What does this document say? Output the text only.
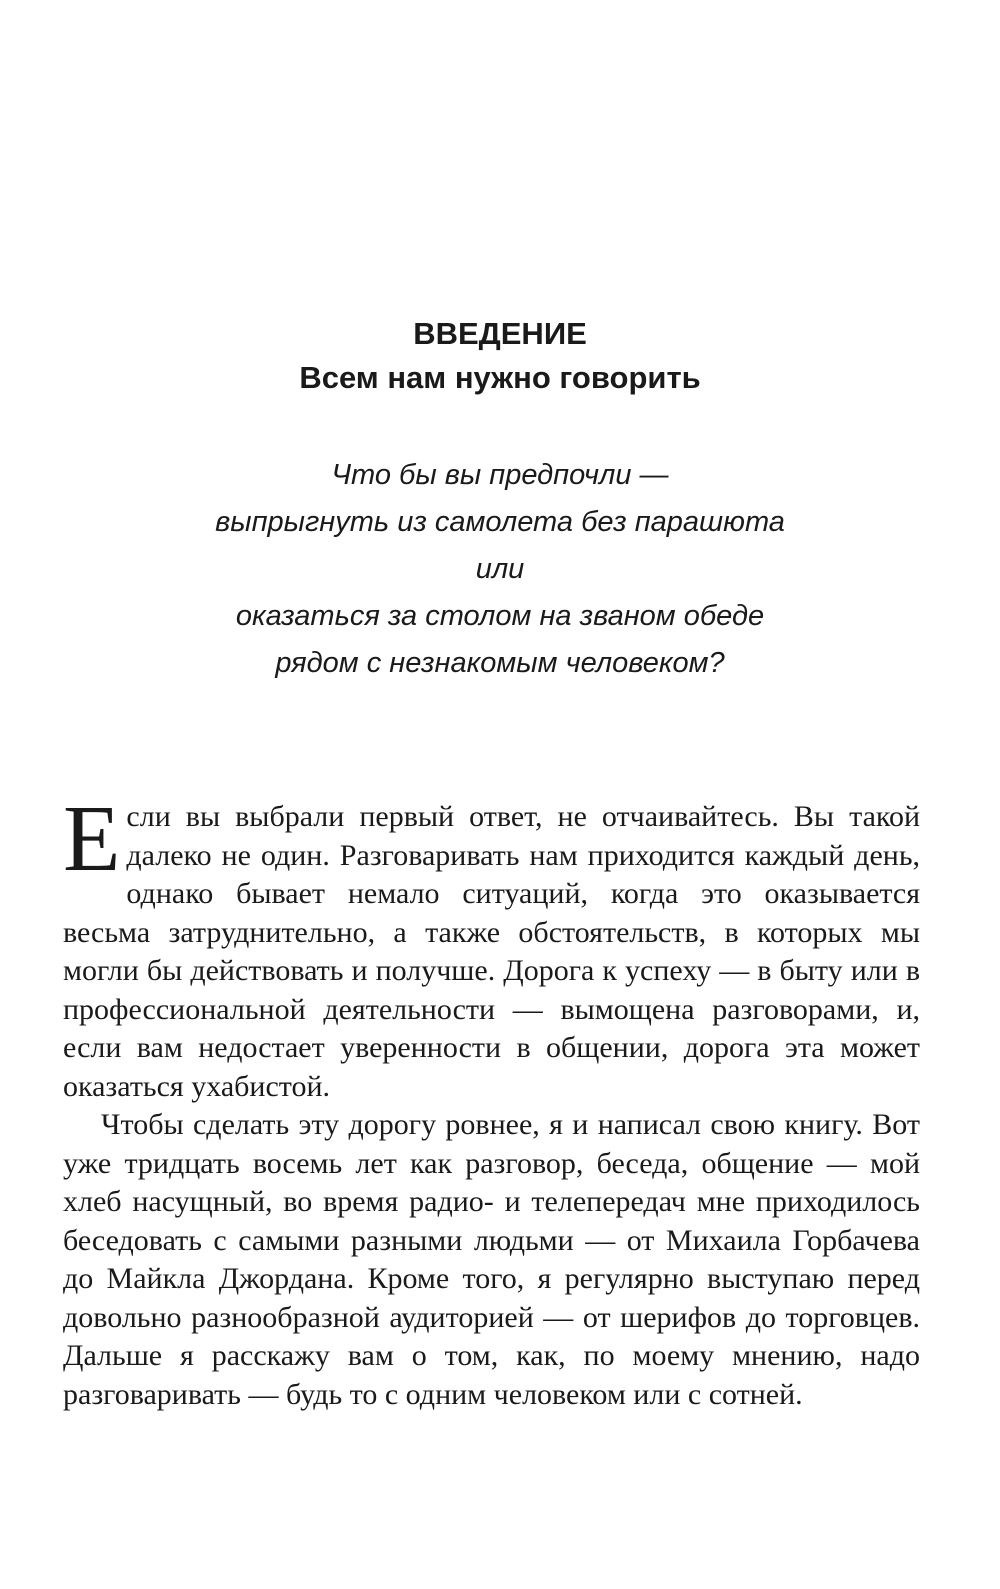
ВВЕДЕНИЕ
Всем нам нужно говорить
Что бы вы предпочли —
выпрыгнуть из самолета без парашюта
или
оказаться за столом на званом обеде
рядом с незнакомым человеком?

Если вы выбрали первый ответ, не отчаивайтесь. Вы такой далеко не один. Разговаривать нам приходится каждый день, однако бывает немало ситуаций, когда это оказывается весьма затруднительно, а также обстоятельств, в которых мы могли бы действовать и получше. Дорога к успеху — в быту или в профессиональной деятельности — вымощена разговорами, и, если вам недостает уверенности в общении, дорога эта может оказаться ухабистой.

Чтобы сделать эту дорогу ровнее, я и написал свою книгу. Вот уже тридцать восемь лет как разговор, беседа, общение — мой хлеб насущный, во время радио- и телепередач мне приходилось беседовать с самыми разными людьми — от Михаила Горбачева до Майкла Джордана. Кроме того, я регулярно выступаю перед довольно разнообразной аудиторией — от шерифов до торговцев. Дальше я расскажу вам о том, как, по моему мнению, надо разговаривать — будь то с одним человеком или с сотней.
